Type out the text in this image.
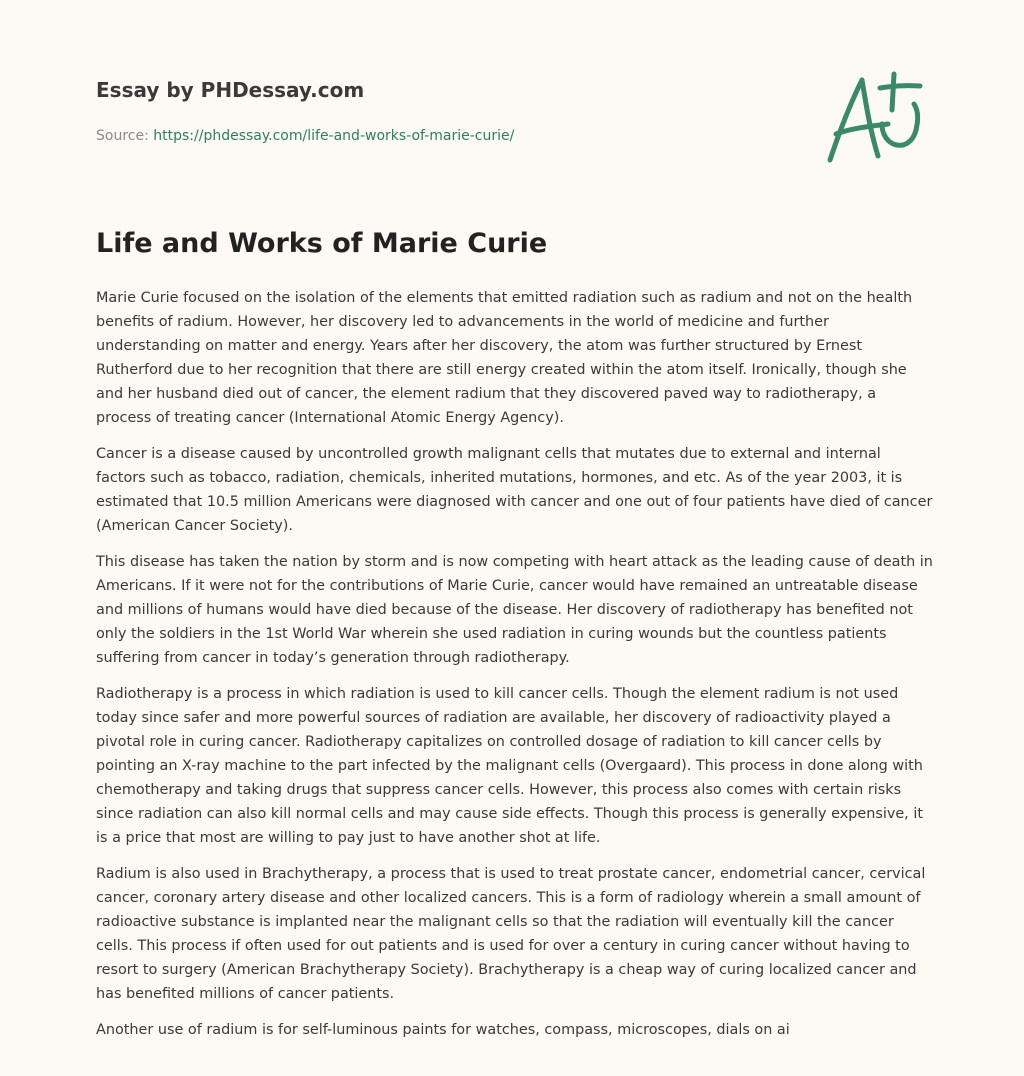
Essay by PHDessay.com
Source: https://phdessay.com/life-and-works-of-marie-curie/
Life and Works of Marie Curie

Marie Curie focused on the isolation of the elements that emitted radiation such as radium and not on the health benefits of radium. However, her discovery led to advancements in the world of medicine and further understanding on matter and energy. Years after her discovery, the atom was further structured by Ernest Rutherford due to her recognition that there are still energy created within the atom itself. Ironically, though she and her husband died out of cancer, the element radium that they discovered paved way to radiotherapy, a process of treating cancer (International Atomic Energy Agency).

Cancer is a disease caused by uncontrolled growth malignant cells that mutates due to external and internal factors such as tobacco, radiation, chemicals, inherited mutations, hormones, and etc. As of the year 2003, it is estimated that 10.5 million Americans were diagnosed with cancer and one out of four patients have died of cancer (American Cancer Society).

This disease has taken the nation by storm and is now competing with heart attack as the leading cause of death in Americans. If it were not for the contributions of Marie Curie, cancer would have remained an untreatable disease and millions of humans would have died because of the disease. Her discovery of radiotherapy has benefited not only the soldiers in the 1st World War wherein she used radiation in curing wounds but the countless patients suffering from cancer in today’s generation through radiotherapy.

Radiotherapy is a process in which radiation is used to kill cancer cells. Though the element radium is not used today since safer and more powerful sources of radiation are available, her discovery of radioactivity played a pivotal role in curing cancer. Radiotherapy capitalizes on controlled dosage of radiation to kill cancer cells by pointing an X-ray machine to the part infected by the malignant cells (Overgaard). This process in done along with chemotherapy and taking drugs that suppress cancer cells. However, this process also comes with certain risks since radiation can also kill normal cells and may cause side effects. Though this process is generally expensive, it is a price that most are willing to pay just to have another shot at life.

Radium is also used in Brachytherapy, a process that is used to treat prostate cancer, endometrial cancer, cervical cancer, coronary artery disease and other localized cancers. This is a form of radiology wherein a small amount of radioactive substance is implanted near the malignant cells so that the radiation will eventually kill the cancer cells. This process if often used for out patients and is used for over a century in curing cancer without having to resort to surgery (American Brachytherapy Society). Brachytherapy is a cheap way of curing localized cancer and has benefited millions of cancer patients.

Another use of radium is for self-luminous paints for watches, compass, microscopes, dials on ai
